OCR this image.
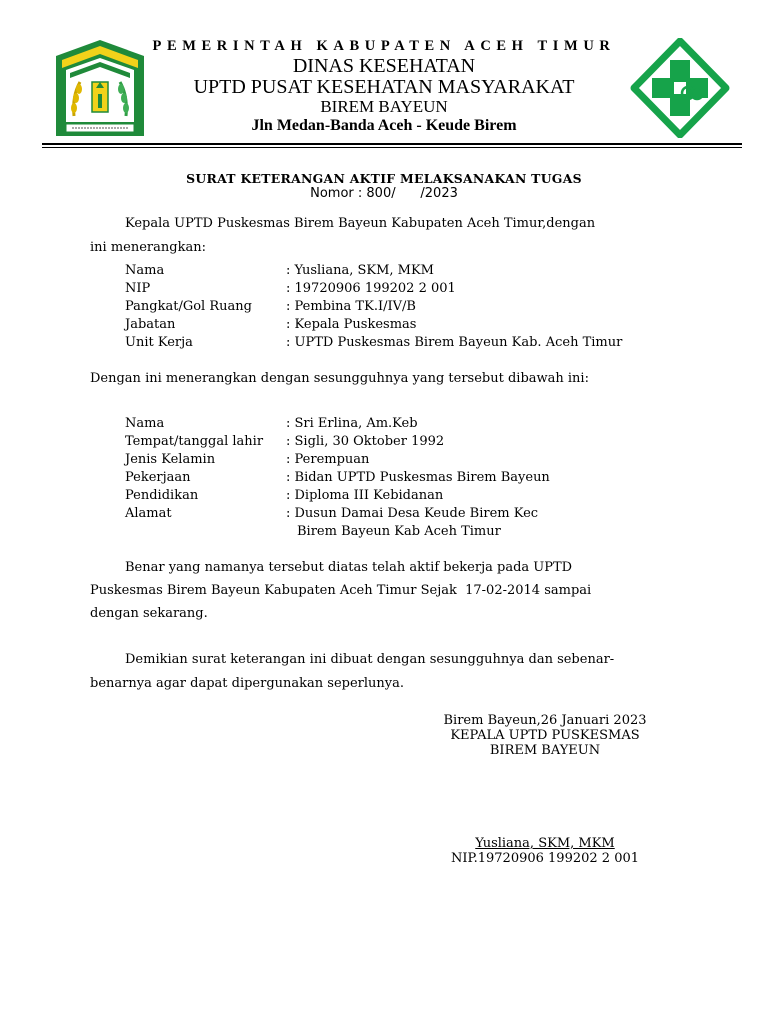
PEMERINTAH KABUPATEN ACEH TIMUR
DINAS KESEHATAN
UPTD PUSAT KESEHATAN MASYARAKAT
BIREM BAYEUN
Jln Medan-Banda Aceh - Keude Birem
SURAT KETERANGAN AKTIF MELAKSANAKAN TUGAS
Nomor : 800/      /2023
Kepala UPTD Puskesmas Birem Bayeun Kabupaten Aceh Timur,dengan
ini menerangkan:
Nama	: Yusliana, SKM, MKM
NIP	: 19720906 199202 2 001
Pangkat/Gol Ruang	: Pembina TK.I/IV/B
Jabatan	: Kepala Puskesmas
Unit Kerja	: UPTD Puskesmas Birem Bayeun Kab. Aceh Timur
Dengan ini menerangkan dengan sesungguhnya yang tersebut dibawah ini:
Nama	: Sri Erlina, Am.Keb
Tempat/tanggal lahir : Sigli, 30 Oktober 1992
Jenis Kelamin	: Perempuan
Pekerjaan	: Bidan UPTD Puskesmas Birem Bayeun
Pendidikan	: Diploma III Kebidanan
Alamat	: Dusun Damai Desa Keude Birem Kec
Birem Bayeun Kab Aceh Timur
Benar yang namanya tersebut diatas telah aktif bekerja pada UPTD
Puskesmas Birem Bayeun Kabupaten Aceh Timur Sejak  17-02-2014 sampai
dengan sekarang.
Demikian surat keterangan ini dibuat dengan sesungguhnya dan sebenar-
benarnya agar dapat dipergunakan seperlunya.
Birem Bayeun,26 Januari 2023
KEPALA UPTD PUSKESMAS
BIREM BAYEUN
Yusliana, SKM, MKM
NIP.19720906 199202 2 001
